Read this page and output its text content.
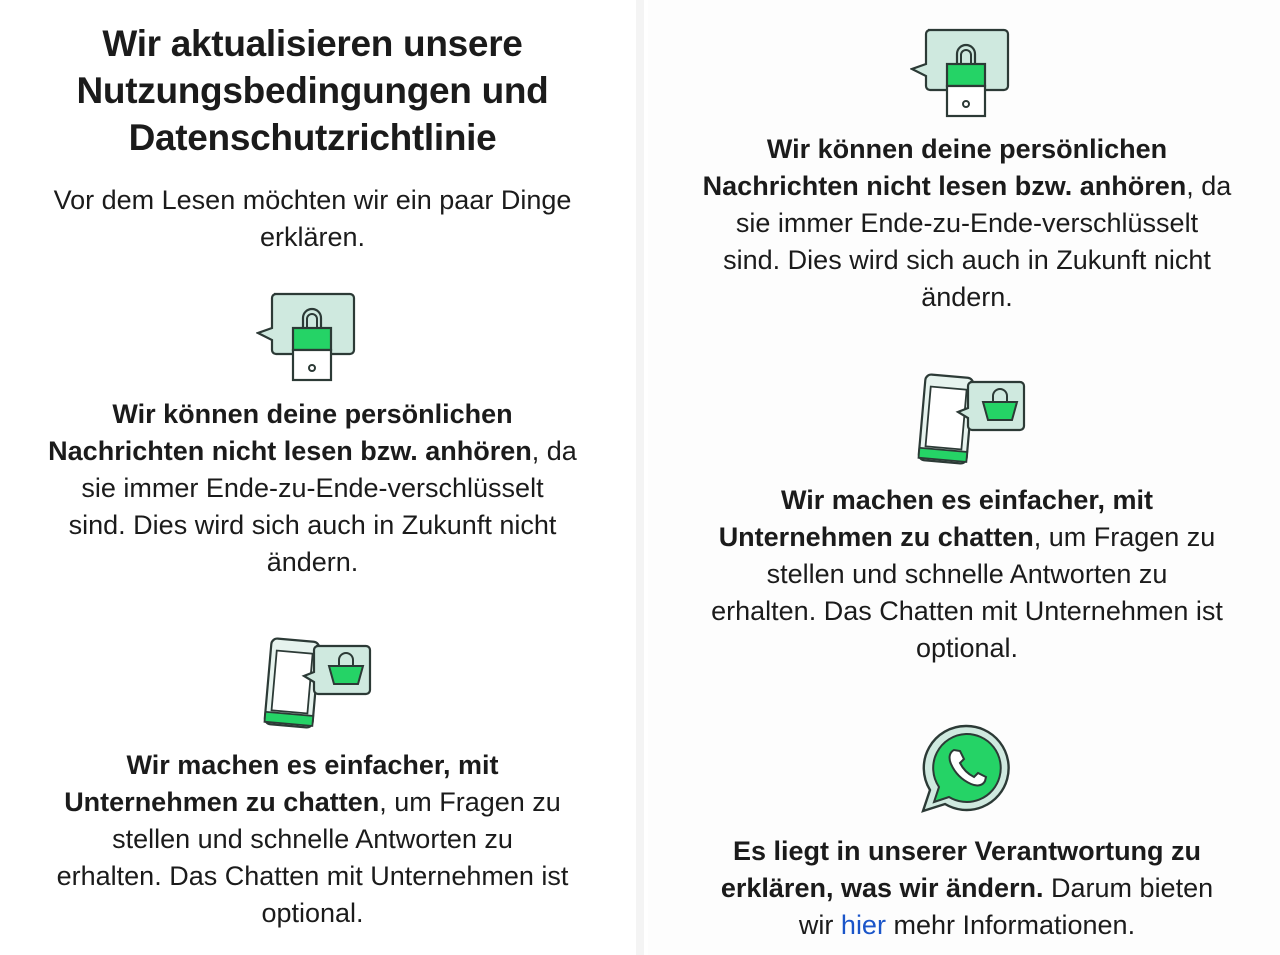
Wir aktualisieren unsere
Nutzungsbedingungen und
Datenschutzrichtlinie
Vor dem Lesen möchten wir ein paar Dinge
erklären.
Wir können deine persönlichen
Nachrichten nicht lesen bzw. anhören, da
sie immer Ende-zu-Ende-verschlüsselt
sind. Dies wird sich auch in Zukunft nicht
ändern.
Wir machen es einfacher, mit
Unternehmen zu chatten, um Fragen zu
stellen und schnelle Antworten zu
erhalten. Das Chatten mit Unternehmen ist
optional.
Wir können deine persönlichen
Nachrichten nicht lesen bzw. anhören, da
sie immer Ende-zu-Ende-verschlüsselt
sind. Dies wird sich auch in Zukunft nicht
ändern.
Wir machen es einfacher, mit
Unternehmen zu chatten, um Fragen zu
stellen und schnelle Antworten zu
erhalten. Das Chatten mit Unternehmen ist
optional.
Es liegt in unserer Verantwortung zu
erklären, was wir ändern. Darum bieten
wir hier mehr Informationen.
